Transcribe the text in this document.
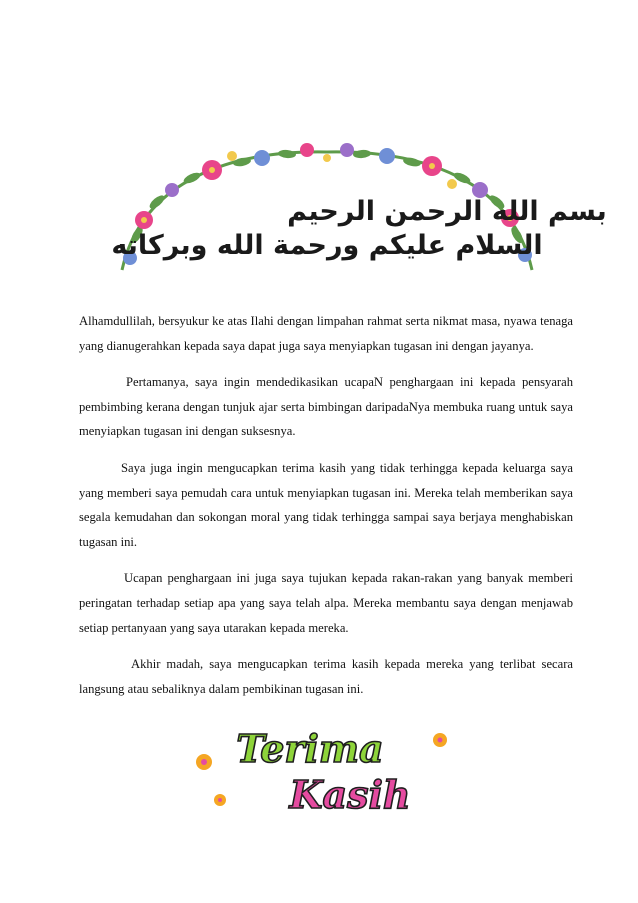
بسم الله الرحمن الرحيم
السلام عليكم ورحمة الله وبركاته

Alhamdullilah, bersyukur ke atas Ilahi dengan limpahan rahmat serta nikmat masa, nyawa tenaga yang dianugerahkan kepada saya dapat juga saya menyiapkan tugasan ini dengan jayanya.

Pertamanya, saya ingin mendedikasikan ucapaN penghargaan ini kepada pensyarah pembimbing kerana dengan tunjuk ajar serta bimbingan daripadaNya membuka ruang untuk saya menyiapkan tugasan ini dengan suksesnya.

Saya juga ingin mengucapkan terima kasih yang tidak terhingga kepada keluarga saya yang memberi saya pemudah cara untuk menyiapkan tugasan ini. Mereka telah memberikan saya segala kemudahan dan sokongan moral yang tidak terhingga sampai saya berjaya menghabiskan tugasan ini.

Ucapan penghargaan ini juga saya tujukan kepada rakan-rakan yang banyak memberi peringatan terhadap setiap apa yang saya telah alpa. Mereka membantu saya dengan menjawab setiap pertanyaan yang saya utarakan kepada mereka.

Akhir madah, saya mengucapkan terima kasih kepada mereka yang terlibat secara langsung atau sebaliknya dalam pembikinan tugasan ini.

Terima
Kasih
